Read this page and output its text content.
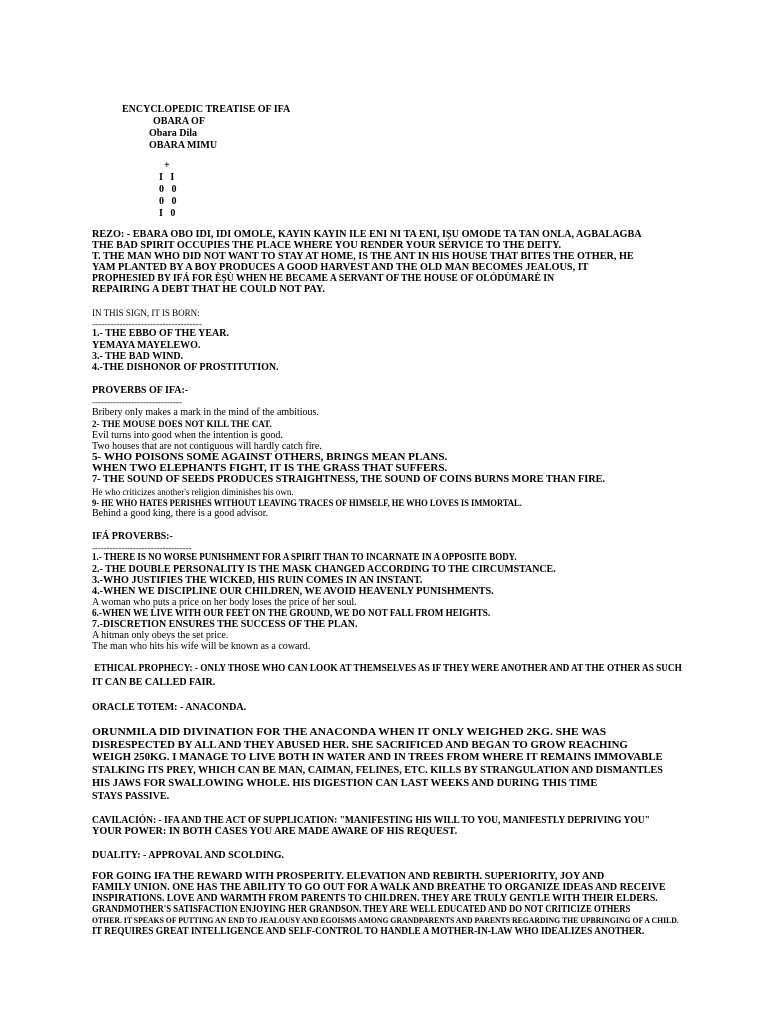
ENCYCLOPEDIC TREATISE OF IFA
OBARA OF
Obara Dila
OBARA MIMU
+
I   I
0   0
0   0
I   0
REZO: - EBARA OBO IDI, IDI OMOLE, KAYIN KAYIN ILE ENI NI TA ENI, IȘU OMODE TA TAN ONLA, AGBALAGBA
THE BAD SPIRIT OCCUPIES THE PLACE WHERE YOU RENDER YOUR SERVICE TO THE DEITY.
T. THE MAN WHO DID NOT WANT TO STAY AT HOME, IS THE ANT IN HIS HOUSE THAT BITES THE OTHER, HE
YAM PLANTED BY A BOY PRODUCES A GOOD HARVEST AND THE OLD MAN BECOMES JEALOUS, IT
PROPHESIED BY IFÁ FOR ÈȘÙ WHEN HE BECAME A SERVANT OF THE HOUSE OF OLÓDÙMARÈ IN
REPAIRING A DEBT THAT HE COULD NOT PAY.
IN THIS SIGN, IT IS BORN:
------------------------------------
1.- THE EBBO OF THE YEAR.
YEMAYA MAYELEWO.
3.- THE BAD WIND.
4.-THE DISHONOR OF PROSTITUTION.
PROVERBS OF IFA:-
------------------------------
Bribery only makes a mark in the mind of the ambitious.
2- THE MOUSE DOES NOT KILL THE CAT.
Evil turns into good when the intention is good.
Two houses that are not contiguous will hardly catch fire.
5- WHO POISONS SOME AGAINST OTHERS, BRINGS MEAN PLANS.
WHEN TWO ELEPHANTS FIGHT, IT IS THE GRASS THAT SUFFERS.
7- THE SOUND OF SEEDS PRODUCES STRAIGHTNESS, THE SOUND OF COINS BURNS MORE THAN FIRE.
He who criticizes another's religion diminishes his own.
9- HE WHO HATES PERISHES WITHOUT LEAVING TRACES OF HIMSELF, HE WHO LOVES IS IMMORTAL.
Behind a good king, there is a good advisor.
IFÁ PROVERBS:-
----------------------------------
1.- THERE IS NO WORSE PUNISHMENT FOR A SPIRIT THAN TO INCARNATE IN A OPPOSITE BODY.
2.- THE DOUBLE PERSONALITY IS THE MASK CHANGED ACCORDING TO THE CIRCUMSTANCE.
3.-WHO JUSTIFIES THE WICKED, HIS RUIN COMES IN AN INSTANT.
4.-WHEN WE DISCIPLINE OUR CHILDREN, WE AVOID HEAVENLY PUNISHMENTS.
A woman who puts a price on her body loses the price of her soul.
6.-WHEN WE LIVE WITH OUR FEET ON THE GROUND, WE DO NOT FALL FROM HEIGHTS.
7.-DISCRETION ENSURES THE SUCCESS OF THE PLAN.
A hitman only obeys the set price.
The man who hits his wife will be known as a coward.
ETHICAL PROPHECY: - ONLY THOSE WHO CAN LOOK AT THEMSELVES AS IF THEY WERE ANOTHER AND AT THE OTHER AS SUCH
IT CAN BE CALLED FAIR.
ORACLE TOTEM: - ANACONDA.
ORUNMILA DID DIVINATION FOR THE ANACONDA WHEN IT ONLY WEIGHED 2KG. SHE WAS
DISRESPECTED BY ALL AND THEY ABUSED HER. SHE SACRIFICED AND BEGAN TO GROW REACHING
WEIGH 250KG. I MANAGE TO LIVE BOTH IN WATER AND IN TREES FROM WHERE IT REMAINS IMMOVABLE
STALKING ITS PREY, WHICH CAN BE MAN, CAIMAN, FELINES, ETC. KILLS BY STRANGULATION AND DISMANTLES
HIS JAWS FOR SWALLOWING WHOLE. HIS DIGESTION CAN LAST WEEKS AND DURING THIS TIME
STAYS PASSIVE.
CAVILACIÓN: - IFA AND THE ACT OF SUPPLICATION: "MANIFESTING HIS WILL TO YOU, MANIFESTLY DEPRIVING YOU"
YOUR POWER: IN BOTH CASES YOU ARE MADE AWARE OF HIS REQUEST.
DUALITY: - APPROVAL AND SCOLDING.
FOR GOING IFA THE REWARD WITH PROSPERITY. ELEVATION AND REBIRTH. SUPERIORITY, JOY AND
FAMILY UNION. ONE HAS THE ABILITY TO GO OUT FOR A WALK AND BREATHE TO ORGANIZE IDEAS AND RECEIVE
INSPIRATIONS. LOVE AND WARMTH FROM PARENTS TO CHILDREN. THEY ARE TRULY GENTLE WITH THEIR ELDERS.
GRANDMOTHER'S SATISFACTION ENJOYING HER GRANDSON. THEY ARE WELL EDUCATED AND DO NOT CRITICIZE OTHERS
OTHER. IT SPEAKS OF PUTTING AN END TO JEALOUSY AND EGOISMS AMONG GRANDPARENTS AND PARENTS REGARDING THE UPBRINGING OF A CHILD.
IT REQUIRES GREAT INTELLIGENCE AND SELF-CONTROL TO HANDLE A MOTHER-IN-LAW WHO IDEALIZES ANOTHER.
